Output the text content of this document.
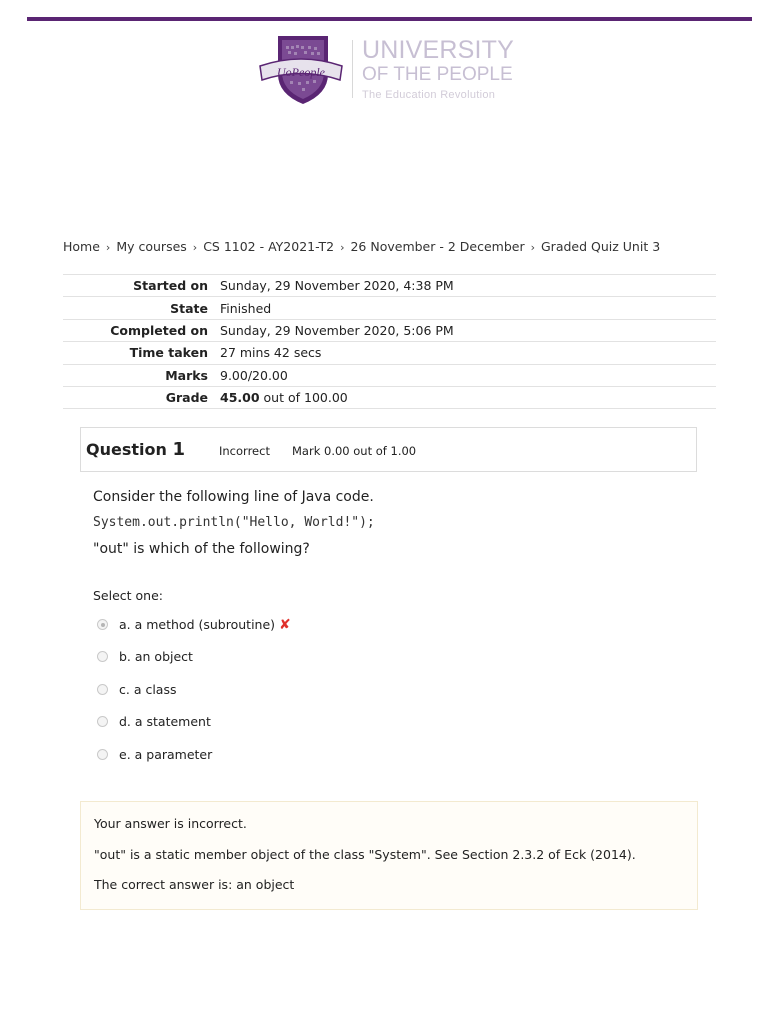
UoPeople
UNIVERSITY
OF THE PEOPLE
The Education Revolution
Home › My courses › CS 1102 - AY2021-T2 › 26 November - 2 December › Graded Quiz Unit 3
Started on	Sunday, 29 November 2020, 4:38 PM
State	Finished
Completed on	Sunday, 29 November 2020, 5:06 PM
Time taken	27 mins 42 secs
Marks	9.00/20.00
Grade	45.00 out of 100.00
Question 1	Incorrect Mark 0.00 out of 1.00
Consider the following line of Java code.
System.out.println("Hello, World!");
"out" is which of the following?
Select one:
a. a method (subroutine) ✘
b. an object
c. a class
d. a statement
e. a parameter
Your answer is incorrect.
"out" is a static member object of the class "System". See Section 2.3.2 of Eck (2014).
The correct answer is: an object
